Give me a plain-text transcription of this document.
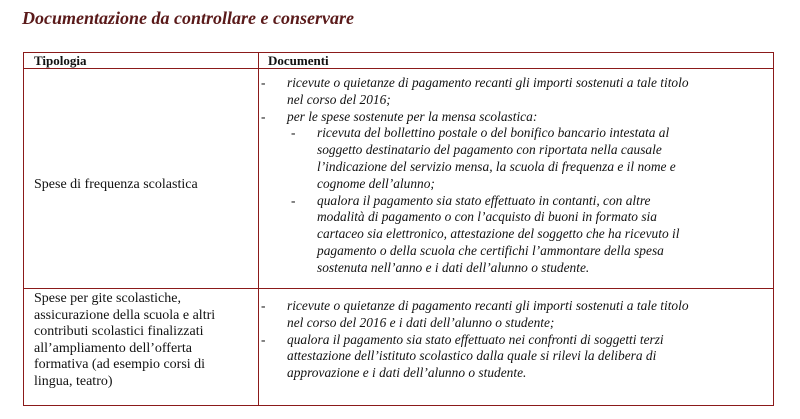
Documentazione da controllare e conservare
Tipologia	Documenti
Spese di frequenza scolastica
- ricevute o quietanze di pagamento recanti gli importi sostenuti a tale titolo
nel corso del 2016;
- per le spese sostenute per la mensa scolastica:
- ricevuta del bollettino postale o del bonifico bancario intestata al
soggetto destinatario del pagamento con riportata nella causale
l’indicazione del servizio mensa, la scuola di frequenza e il nome e
cognome dell’alunno;
- qualora il pagamento sia stato effettuato in contanti, con altre
modalità di pagamento o con l’acquisto di buoni in formato sia
cartaceo sia elettronico, attestazione del soggetto che ha ricevuto il
pagamento o della scuola che certifichi l’ammontare della spesa
sostenuta nell’anno e i dati dell’alunno o studente.
Spese per gite scolastiche,
assicurazione della scuola e altri
contributi scolastici finalizzati
all’ampliamento dell’offerta
formativa (ad esempio corsi di
lingua, teatro)
- ricevute o quietanze di pagamento recanti gli importi sostenuti a tale titolo
nel corso del 2016 e i dati dell’alunno o studente;
- qualora il pagamento sia stato effettuato nei confronti di soggetti terzi
attestazione dell’istituto scolastico dalla quale si rilevi la delibera di
approvazione e i dati dell’alunno o studente.
